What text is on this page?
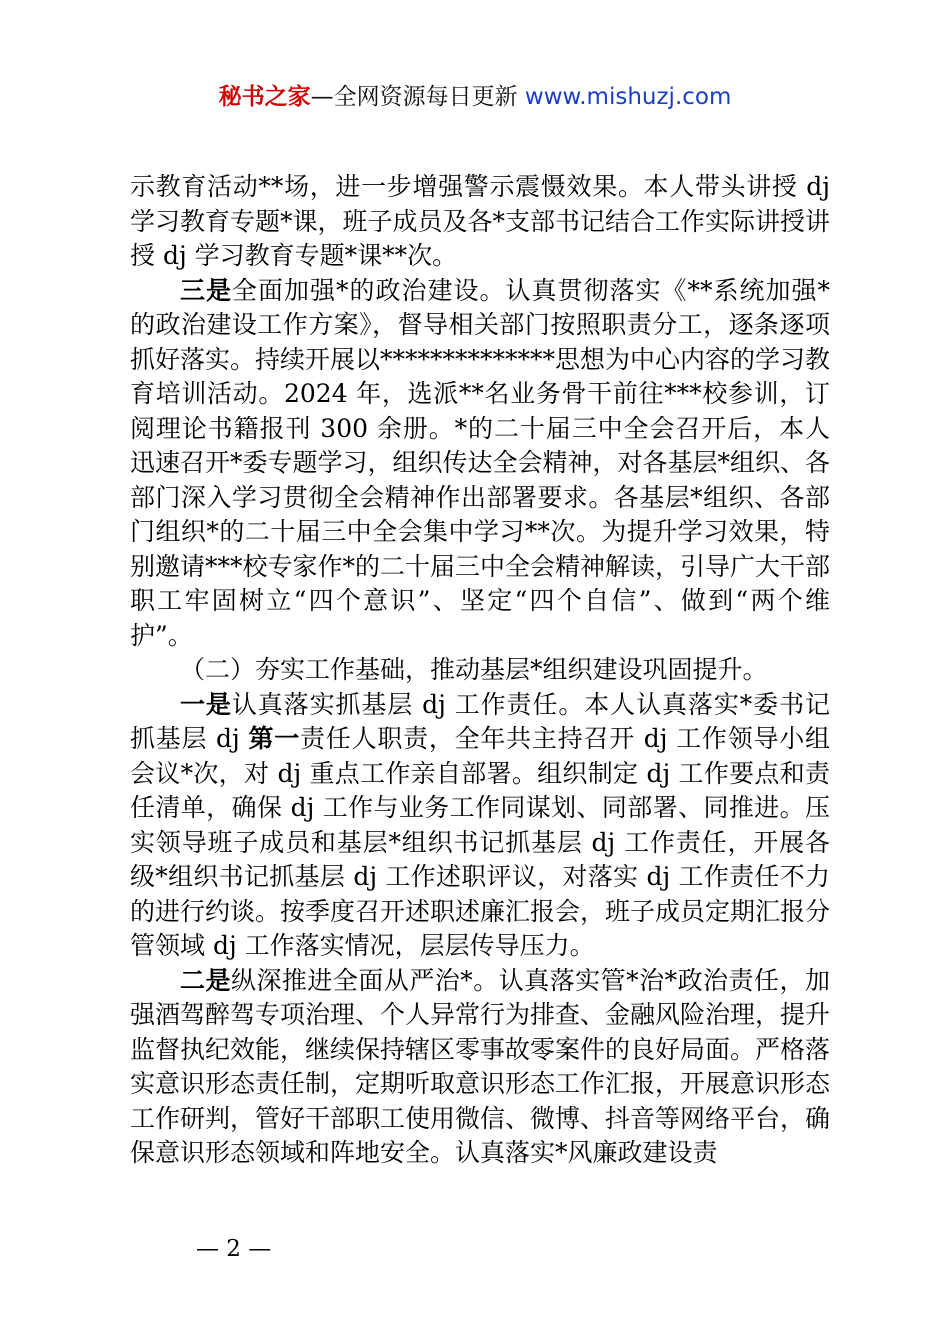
秘书之家—全网资源每日更新 www.mishuzj.com

示教育活动**场，进一步增强警示震慑效果。本人带头讲授 dj 学习教育专题*课，班子成员及各*支部书记结合工作实际讲授讲授 dj 学习教育专题*课**次。

三是全面加强*的政治建设。认真贯彻落实《**系统加强*的政治建设工作方案》，督导相关部门按照职责分工，逐条逐项抓好落实。持续开展以**************思想为中心内容的学习教育培训活动。2024 年，选派**名业务骨干前往***校参训，订阅理论书籍报刊 300 余册。*的二十届三中全会召开后，本人迅速召开*委专题学习，组织传达全会精神，对各基层*组织、各部门深入学习贯彻全会精神作出部署要求。各基层*组织、各部门组织*的二十届三中全会集中学习**次。为提升学习效果，特别邀请***校专家作*的二十届三中全会精神解读，引导广大干部职工牢固树立“四个意识”、坚定“四个自信”、做到“两个维护”。

（二）夯实工作基础，推动基层*组织建设巩固提升。

一是认真落实抓基层 dj 工作责任。本人认真落实*委书记抓基层 dj 第一责任人职责，全年共主持召开 dj 工作领导小组会议*次，对 dj 重点工作亲自部署。组织制定 dj 工作要点和责任清单，确保 dj 工作与业务工作同谋划、同部署、同推进。压实领导班子成员和基层*组织书记抓基层 dj 工作责任，开展各级*组织书记抓基层 dj 工作述职评议，对落实 dj 工作责任不力的进行约谈。按季度召开述职述廉汇报会，班子成员定期汇报分管领域 dj 工作落实情况，层层传导压力。

二是纵深推进全面从严治*。认真落实管*治*政治责任，加强酒驾醉驾专项治理、个人异常行为排查、金融风险治理，提升监督执纪效能，继续保持辖区零事故零案件的良好局面。严格落实意识形态责任制，定期听取意识形态工作汇报，开展意识形态工作研判，管好干部职工使用微信、微博、抖音等网络平台，确保意识形态领域和阵地安全。认真落实*风廉政建设责

— 2 —
